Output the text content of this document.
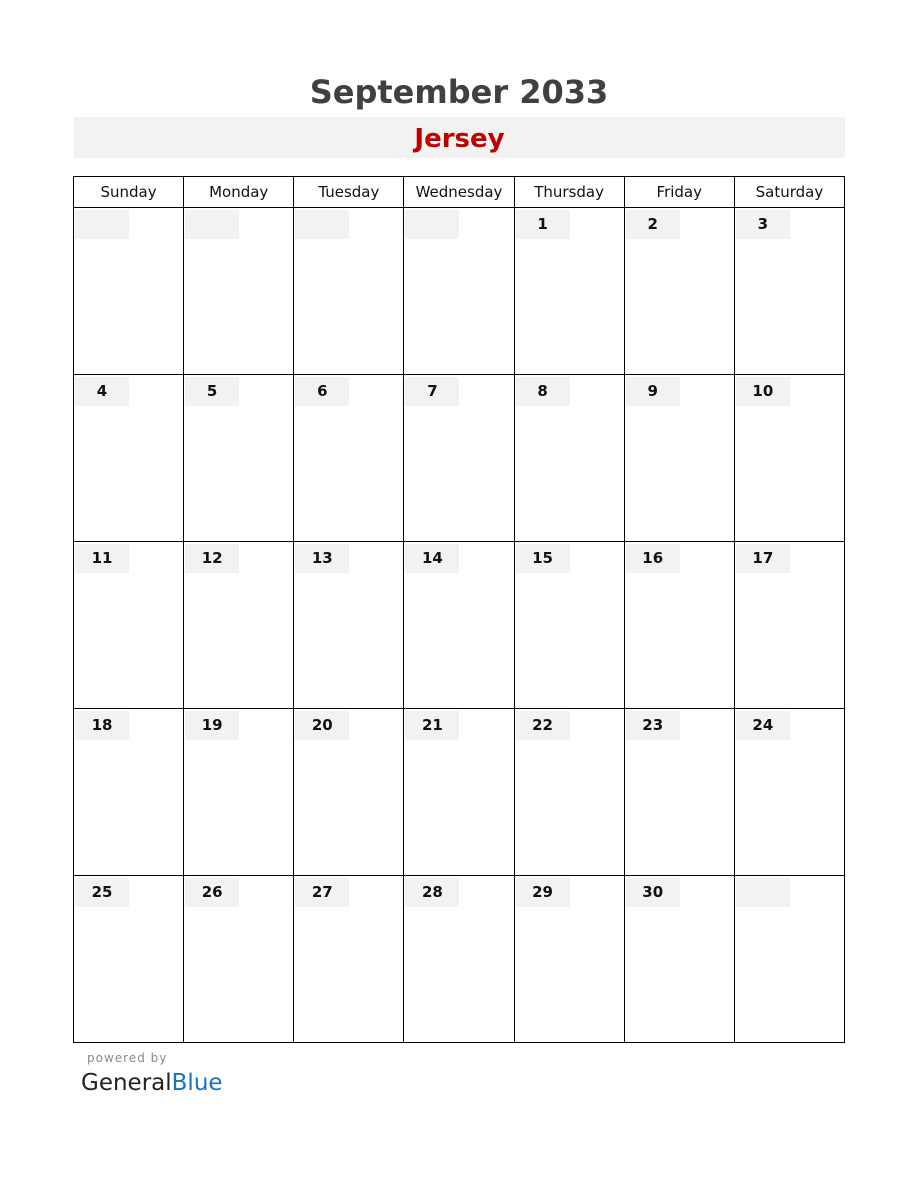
September 2033
Jersey
Sunday	Monday	Tuesday	Wednesday	Thursday	Friday	Saturday

				1	2	3

4	5	6	7	8	9	10

11	12	13	14	15	16	17

18	19	20	21	22	23	24

25	26	27	28	29	30	

powered by
GeneralBlue
